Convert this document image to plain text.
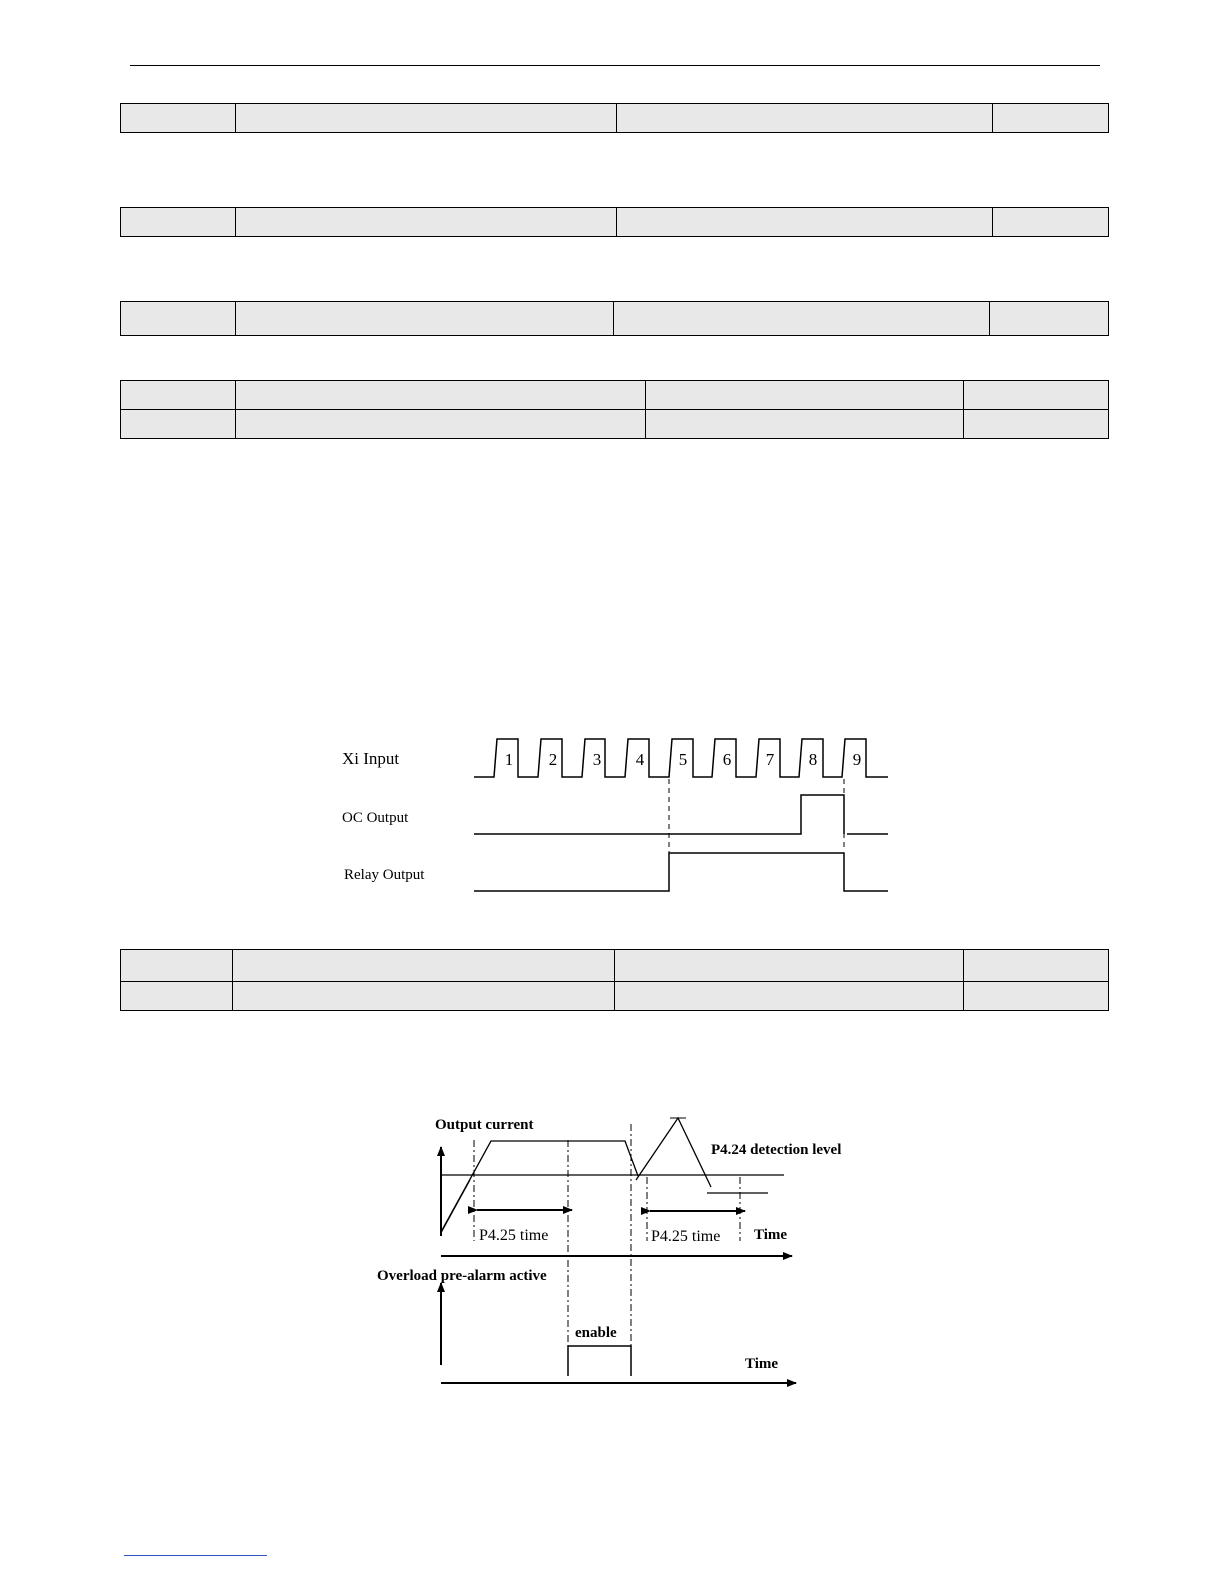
Xi Input
OC Output
Relay Output
1 2 3 4 5 6 7 8 9

Output current
P4.24 detection level
P4.25 time	P4.25 time Time
Overload pre-alarm active
enable
Time
